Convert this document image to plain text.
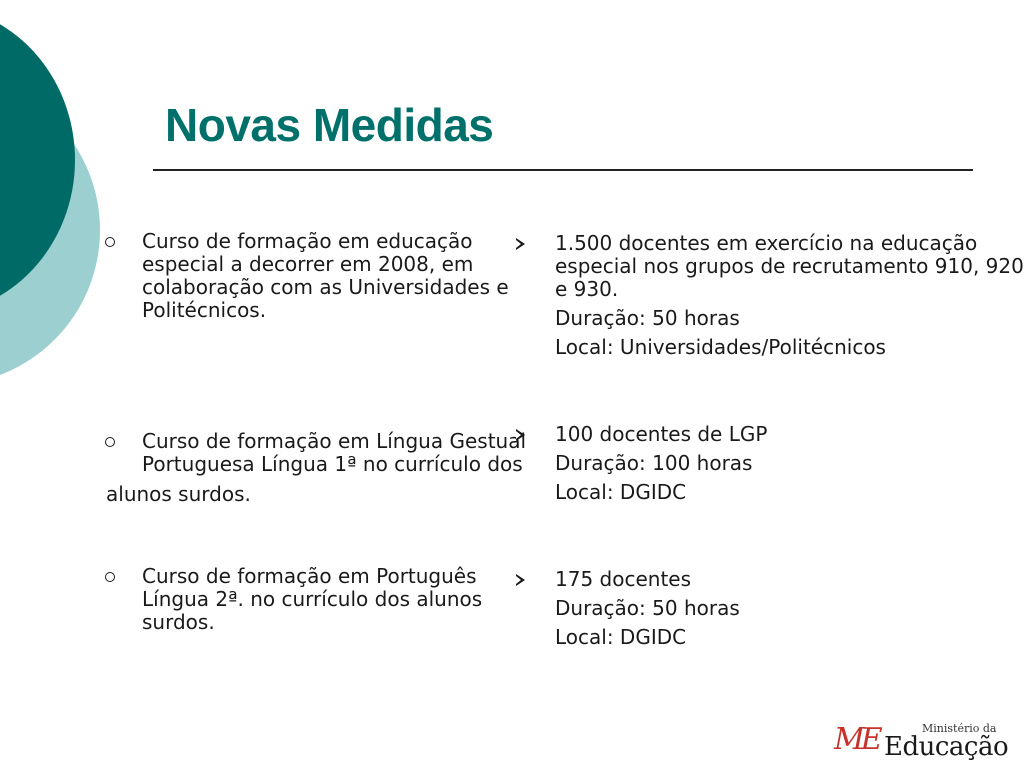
Novas Medidas
Curso de formação em educação especial a decorrer em 2008, em colaboração com as Universidades e Politécnicos.
Curso de formação em Língua Gestual Portuguesa Língua 1ª no currículo dos
alunos surdos.
Curso de formação em Português Língua 2ª. no currículo dos alunos surdos.
1.500 docentes em exercício na educação especial nos grupos de recrutamento 910, 920 e 930.
Duração: 50 horas
Local: Universidades/Politécnicos
100 docentes de LGP
Duração: 100 horas
Local: DGIDC
175 docentes
Duração: 50 horas
Local: DGIDC
ME	Ministério da
Educação
